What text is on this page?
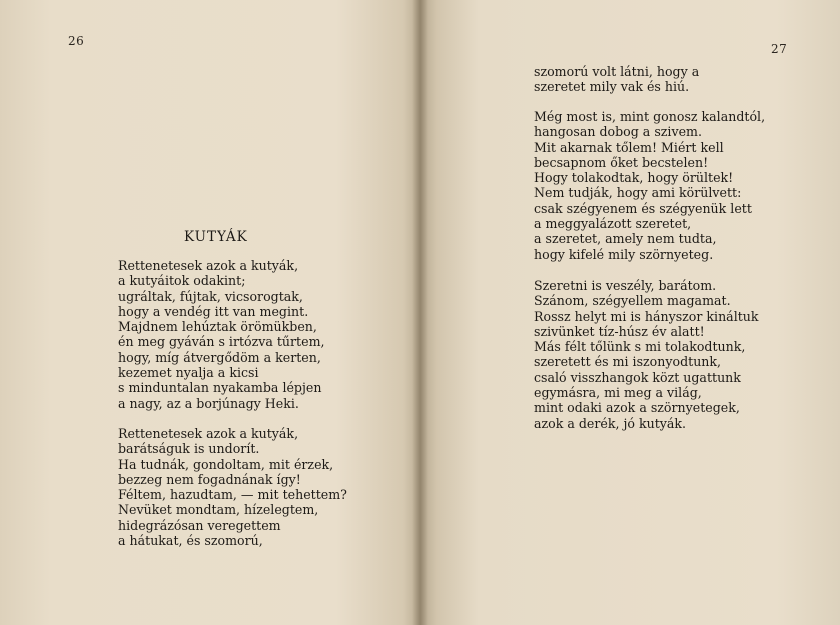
26
KUTYÁK
Rettenetesek azok a kutyák,
a kutyáitok odakint;
ugráltak, fújtak, vicsorogtak,
hogy a vendég itt van megint.
Majdnem lehúztak örömükben,
én meg gyáván s irtózva tűrtem,
hogy, míg átvergődöm a kerten,
kezemet nyalja a kicsi
s minduntalan nyakamba lépjen
a nagy, az a borjúnagy Heki.
Rettenetesek azok a kutyák,
barátságuk is undorít.
Ha tudnák, gondoltam, mit érzek,
bezzeg nem fogadnának így!
Féltem, hazudtam, — mit tehettem?
Nevüket mondtam, hízelegtem,
hidegrázósan veregettem
a hátukat, és szomorú,
27
szomorú volt látni, hogy a
szeretet mily vak és hiú.
Még most is, mint gonosz kalandtól,
hangosan dobog a szivem.
Mit akarnak tőlem! Miért kell
becsapnom őket becstelen!
Hogy tolakodtak, hogy örültek!
Nem tudják, hogy ami körülvett:
csak szégyenem és szégyenük lett
a meggyalázott szeretet,
a szeretet, amely nem tudta,
hogy kifelé mily szörnyeteg.
Szeretni is veszély, barátom.
Szánom, szégyellem magamat.
Rossz helyt mi is hányszor kináltuk
szivünket tíz-húsz év alatt!
Más félt tőlünk s mi tolakodtunk,
szeretett és mi iszonyodtunk,
csaló visszhangok közt ugattunk
egymásra, mi meg a világ,
mint odaki azok a szörnyetegek,
azok a derék, jó kutyák.
